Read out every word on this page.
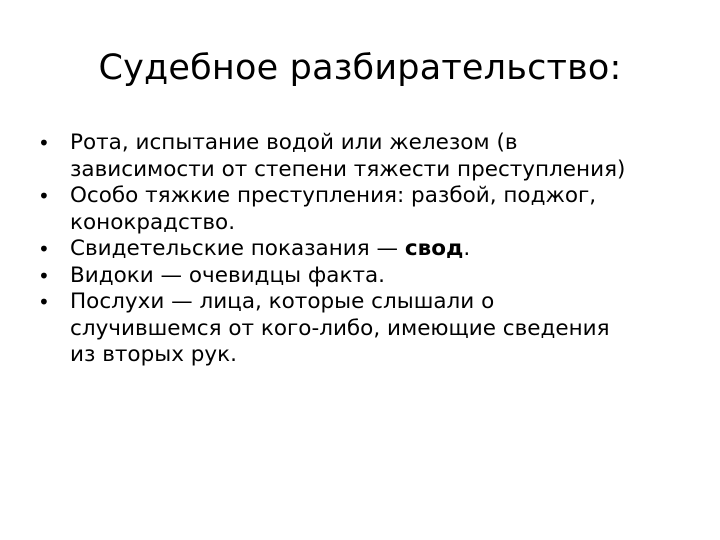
Судебное разбирательство:
• Рота, испытание водой или железом (в
зависимости от степени тяжести преступления)
• Особо тяжкие преступления: разбой, поджог,
конокрадство.
• Свидетельские показания — свод.
• Видоки — очевидцы факта.
• Послухи — лица, которые слышали о
случившемся от кого-либо, имеющие сведения
из вторых рук.
